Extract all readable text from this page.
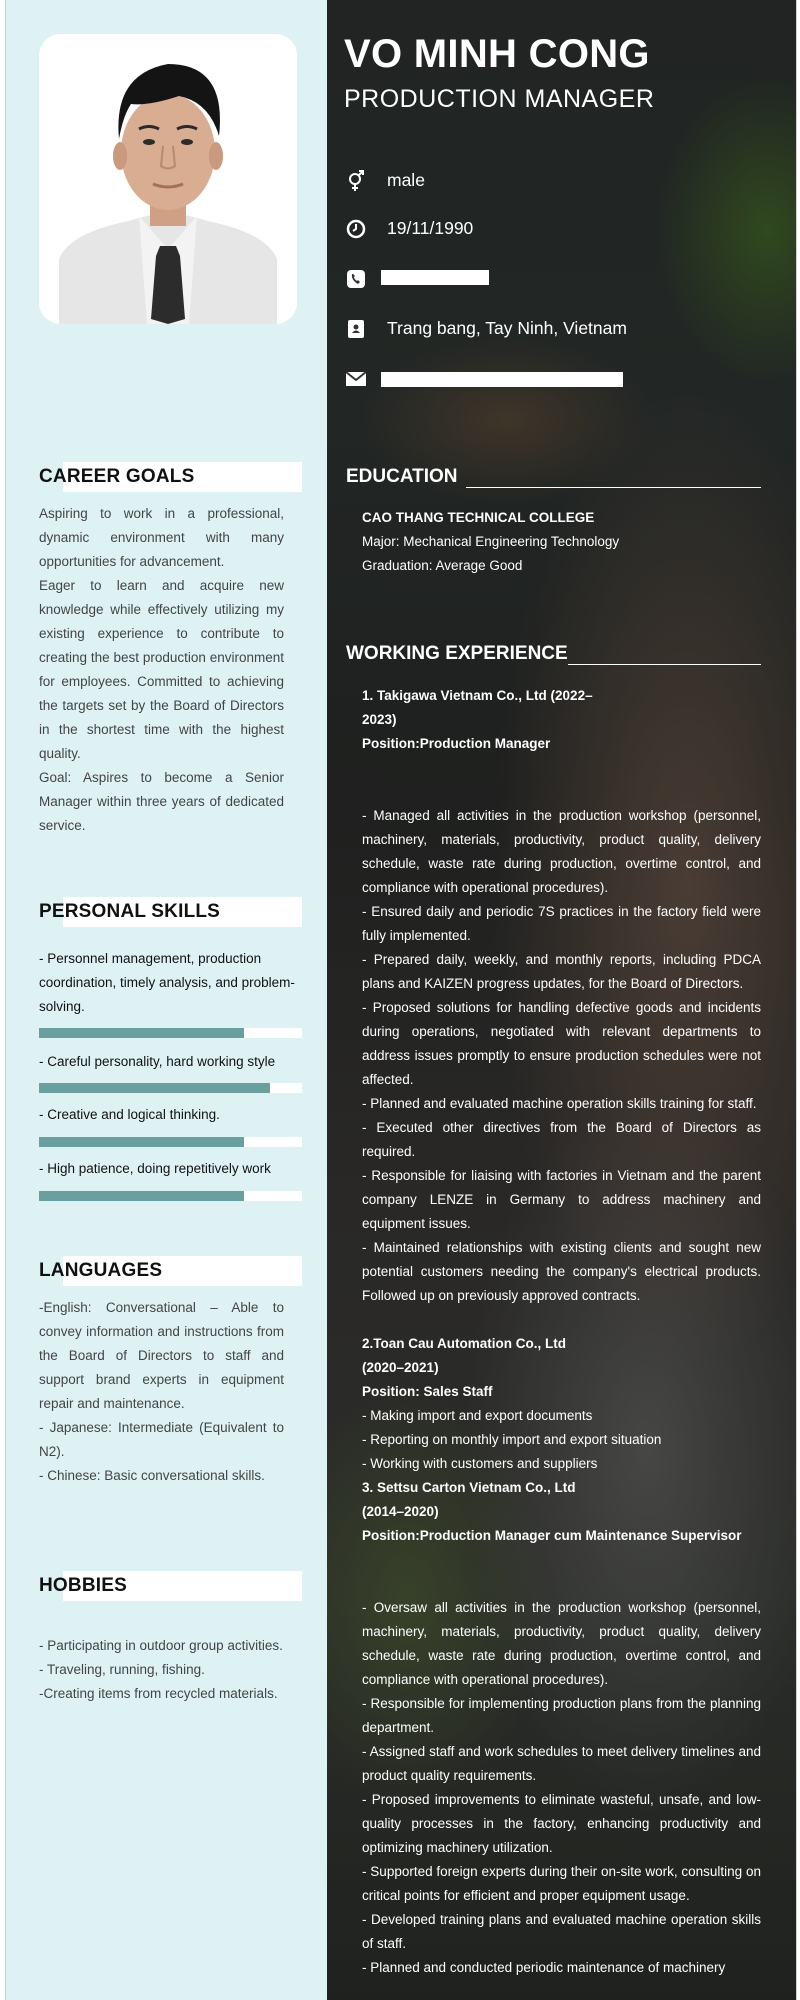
CAREER GOALS

Aspiring to work in a professional, dynamic environment with many opportunities for advancement.

Eager to learn and acquire new knowledge while effectively utilizing my existing experience to contribute to creating the best production environment for employees. Committed to achieving the targets set by the Board of Directors in the shortest time with the highest quality.

Goal: Aspires to become a Senior Manager within three years of dedicated service.

PERSONAL SKILLS
- Personnel management, production coordination, timely analysis, and problem-solving.
- Careful personality, hard working style
- Creative and logical thinking.
- High patience, doing repetitively work
LANGUAGES

-English: Conversational – Able to convey information and instructions from the Board of Directors to staff and support brand experts in equipment repair and maintenance.

- Japanese: Intermediate (Equivalent to N2).

- Chinese: Basic conversational skills.

HOBBIES

- Participating in outdoor group activities.

- Traveling, running, fishing.

-Creating items from recycled materials.

VO MINH CONG
PRODUCTION MANAGER
male
19/11/1990
Trang bang, Tay Ninh, Vietnam
EDUCATION

CAO THANG TECHNICAL COLLEGE

Major: Mechanical Engineering Technology

Graduation: Average Good

WORKING EXPERIENCE

1. Takigawa Vietnam Co., Ltd (2022–

2023)

Position:Production Manager

- Managed all activities in the production workshop (personnel, machinery, materials, productivity, product quality, delivery schedule, waste rate during production, overtime control, and compliance with operational procedures).

- Ensured daily and periodic 7S practices in the factory field were fully implemented.

- Prepared daily, weekly, and monthly reports, including PDCA plans and KAIZEN progress updates, for the Board of Directors.

- Proposed solutions for handling defective goods and incidents during operations, negotiated with relevant departments to address issues promptly to ensure production schedules were not affected.

- Planned and evaluated machine operation skills training for staff.

- Executed other directives from the Board of Directors as required.

- Responsible for liaising with factories in Vietnam and the parent company LENZE in Germany to address machinery and equipment issues.

- Maintained relationships with existing clients and sought new potential customers needing the company's electrical products. Followed up on previously approved contracts.

2.Toan Cau Automation Co., Ltd

(2020–2021)

Position: Sales Staff

- Making import and export documents

- Reporting on monthly import and export situation

- Working with customers and suppliers

3. Settsu Carton Vietnam Co., Ltd

(2014–2020)

Position:Production Manager cum Maintenance Supervisor

- Oversaw all activities in the production workshop (personnel, machinery, materials, productivity, product quality, delivery schedule, waste rate during production, overtime control, and compliance with operational procedures).

- Responsible for implementing production plans from the planning department.

- Assigned staff and work schedules to meet delivery timelines and product quality requirements.

- Proposed improvements to eliminate wasteful, unsafe, and low-quality processes in the factory, enhancing productivity and optimizing machinery utilization.

- Supported foreign experts during their on-site work, consulting on critical points for efficient and proper equipment usage.

- Developed training plans and evaluated machine operation skills of staff.

- Planned and conducted periodic maintenance of machinery
